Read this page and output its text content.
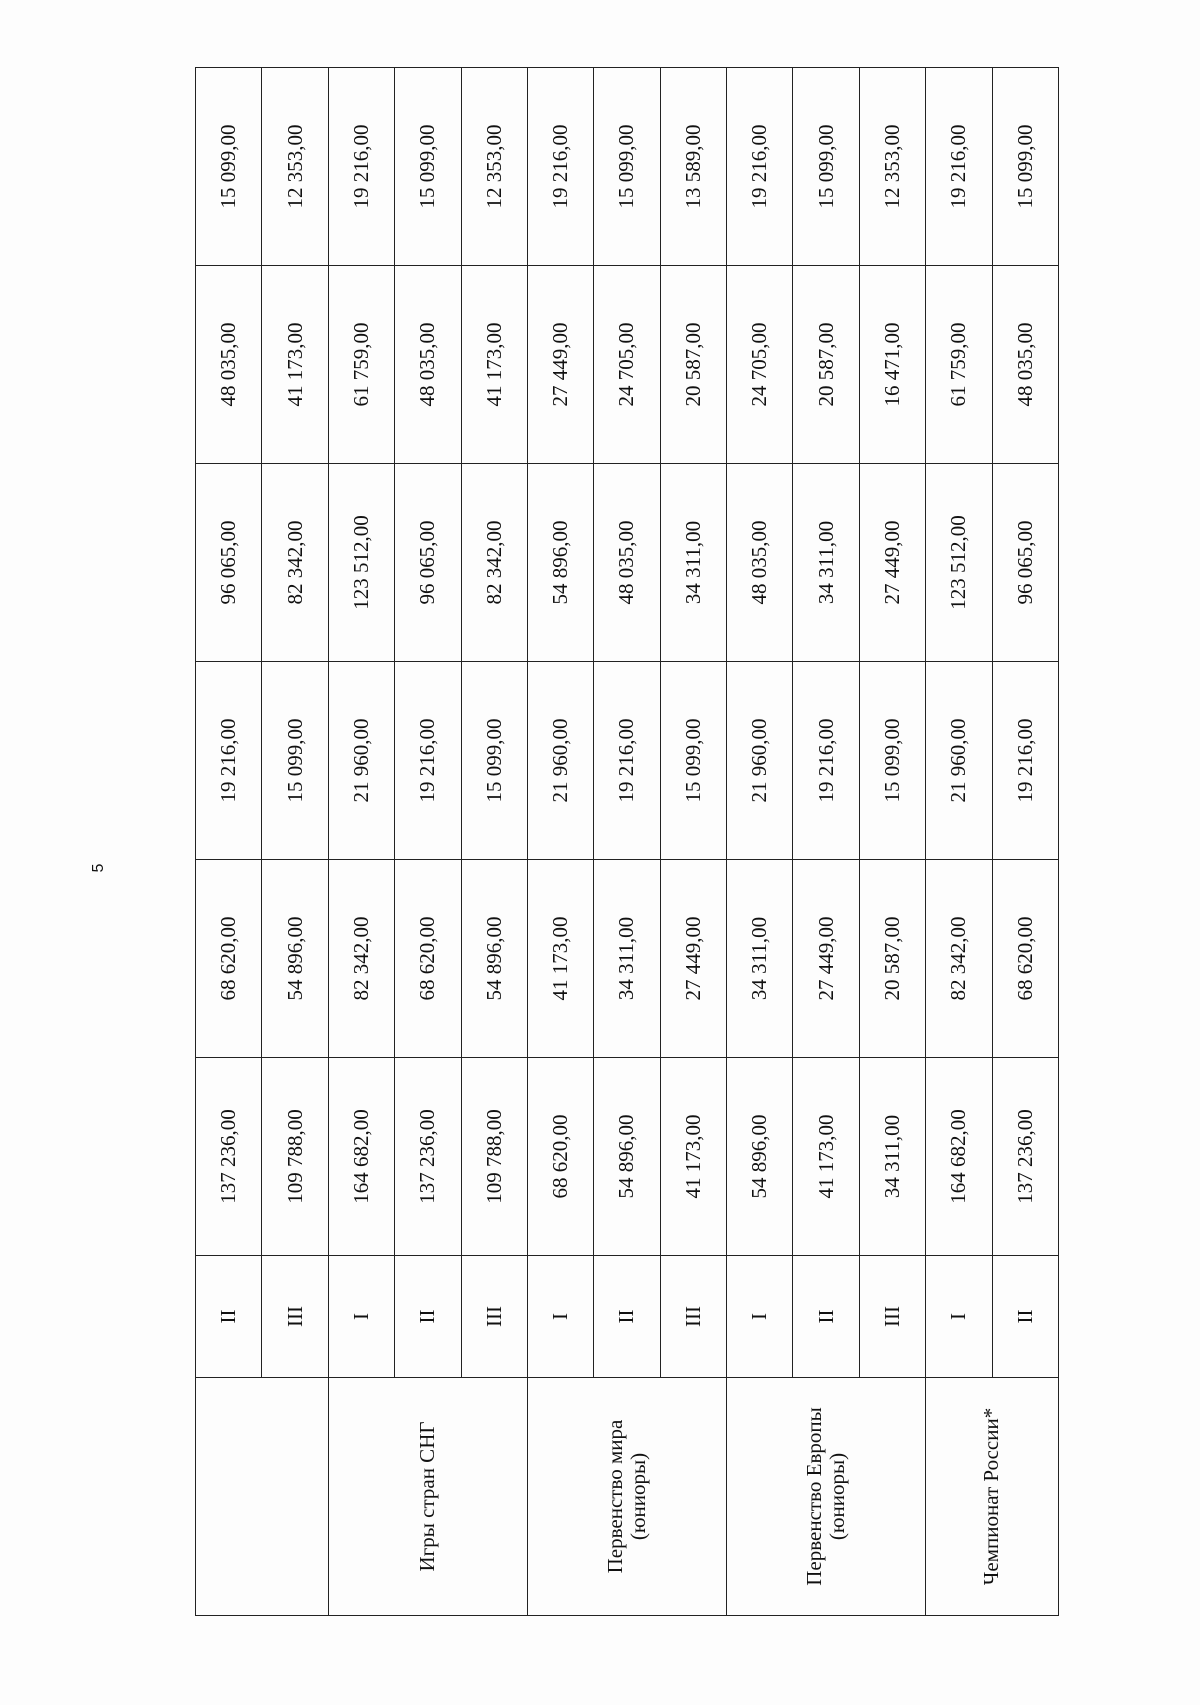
5
	II	137 236,00	68 620,00	19 216,00	96 065,00	48 035,00	15 099,00
	III	109 788,00	54 896,00	15 099,00	82 342,00	41 173,00	12 353,00
Игры стран СНГ	I	164 682,00	82 342,00	21 960,00	123 512,00	61 759,00	19 216,00
	II	137 236,00	68 620,00	19 216,00	96 065,00	48 035,00	15 099,00
	III	109 788,00	54 896,00	15 099,00	82 342,00	41 173,00	12 353,00
Первенство мира (юниоры)	I	68 620,00	41 173,00	21 960,00	54 896,00	27 449,00	19 216,00
	II	54 896,00	34 311,00	19 216,00	48 035,00	24 705,00	15 099,00
	III	41 173,00	27 449,00	15 099,00	34 311,00	20 587,00	13 589,00
Первенство Европы (юниоры)	I	54 896,00	34 311,00	21 960,00	48 035,00	24 705,00	19 216,00
	II	41 173,00	27 449,00	19 216,00	34 311,00	20 587,00	15 099,00
	III	34 311,00	20 587,00	15 099,00	27 449,00	16 471,00	12 353,00
Чемпионат России*	I	164 682,00	82 342,00	21 960,00	123 512,00	61 759,00	19 216,00
	II	137 236,00	68 620,00	19 216,00	96 065,00	48 035,00	15 099,00
